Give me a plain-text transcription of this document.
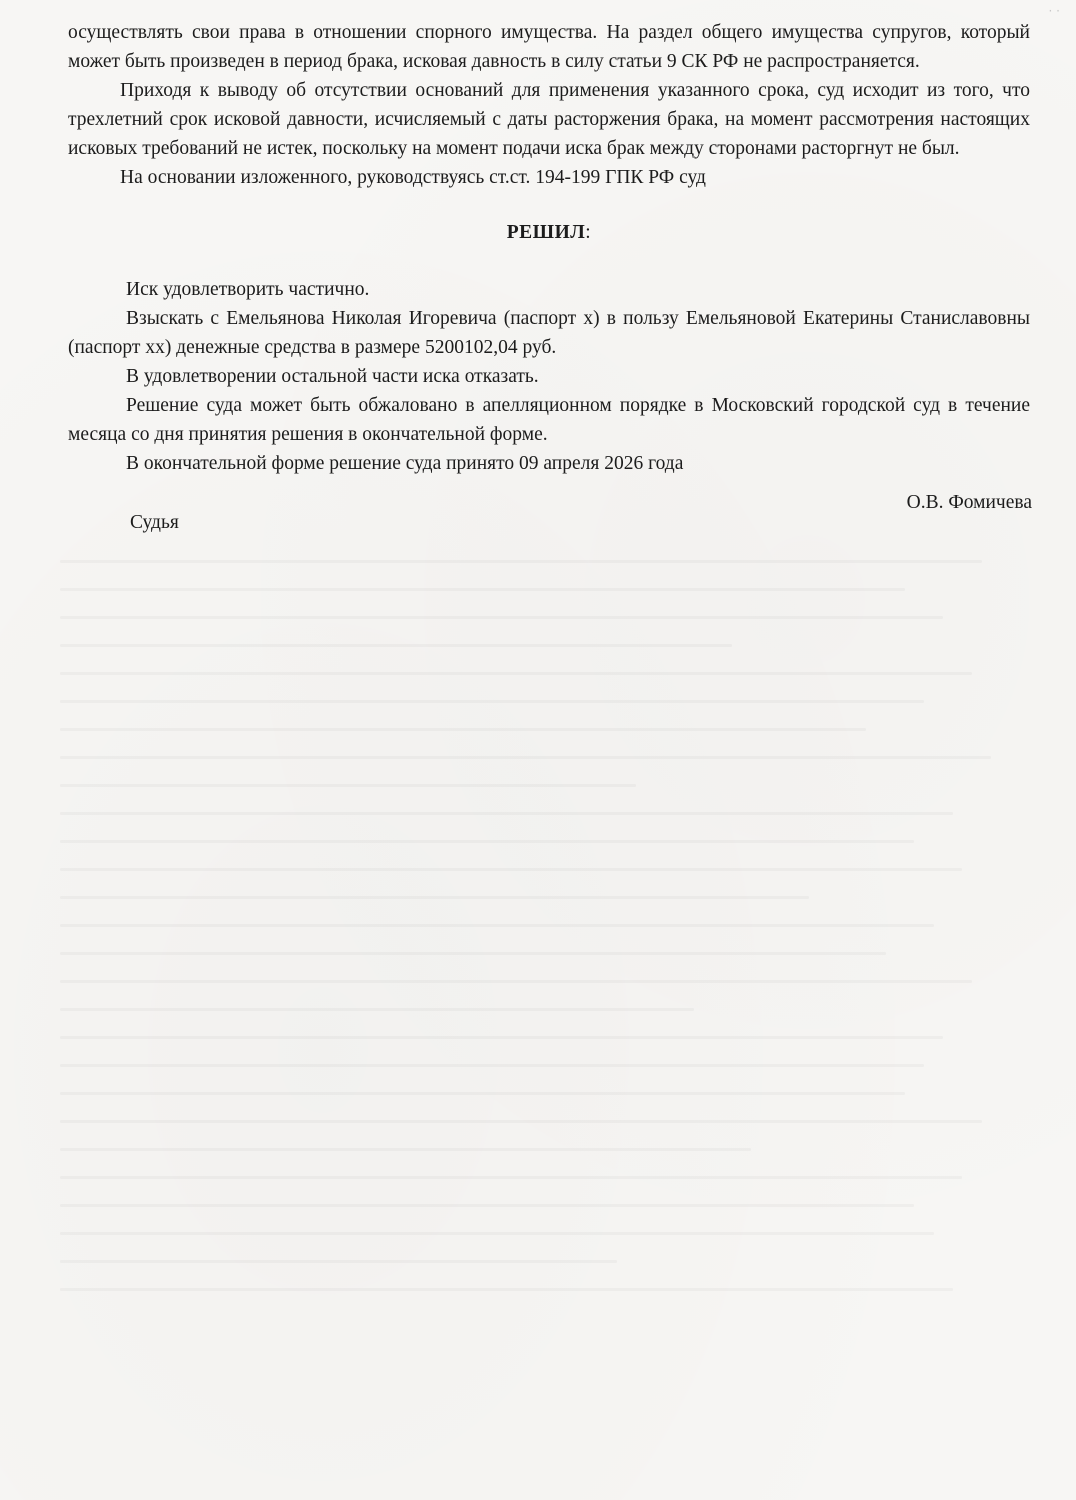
· ·

осуществлять свои права в отношении спорного имущества. На раздел общего имущества супругов, который может быть произведен в период брака, исковая давность в силу статьи 9 СК РФ не распространяется.

Приходя к выводу об отсутствии оснований для применения указанного срока, суд исходит из того, что трехлетний срок исковой давности, исчисляемый с даты расторжения брака, на момент рассмотрения настоящих исковых требований не истек, поскольку на момент подачи иска брак между сторонами расторгнут не был.

На основании изложенного, руководствуясь ст.ст. 194-199 ГПК РФ суд

РЕШИЛ:

Иск удовлетворить частично.

Взыскать с Емельянова Николая Игоревича (паспорт х) в пользу Емельяновой Екатерины Станиславовны (паспорт хх) денежные средства в размере 5200102,04 руб.

В удовлетворении остальной части иска отказать.

Решение суда может быть обжаловано в апелляционном порядке в Московский городской суд в течение месяца со дня принятия решения в окончательной форме.

В окончательной форме решение суда принято 09 апреля 2026 года

Судья
О.В. Фомичева
